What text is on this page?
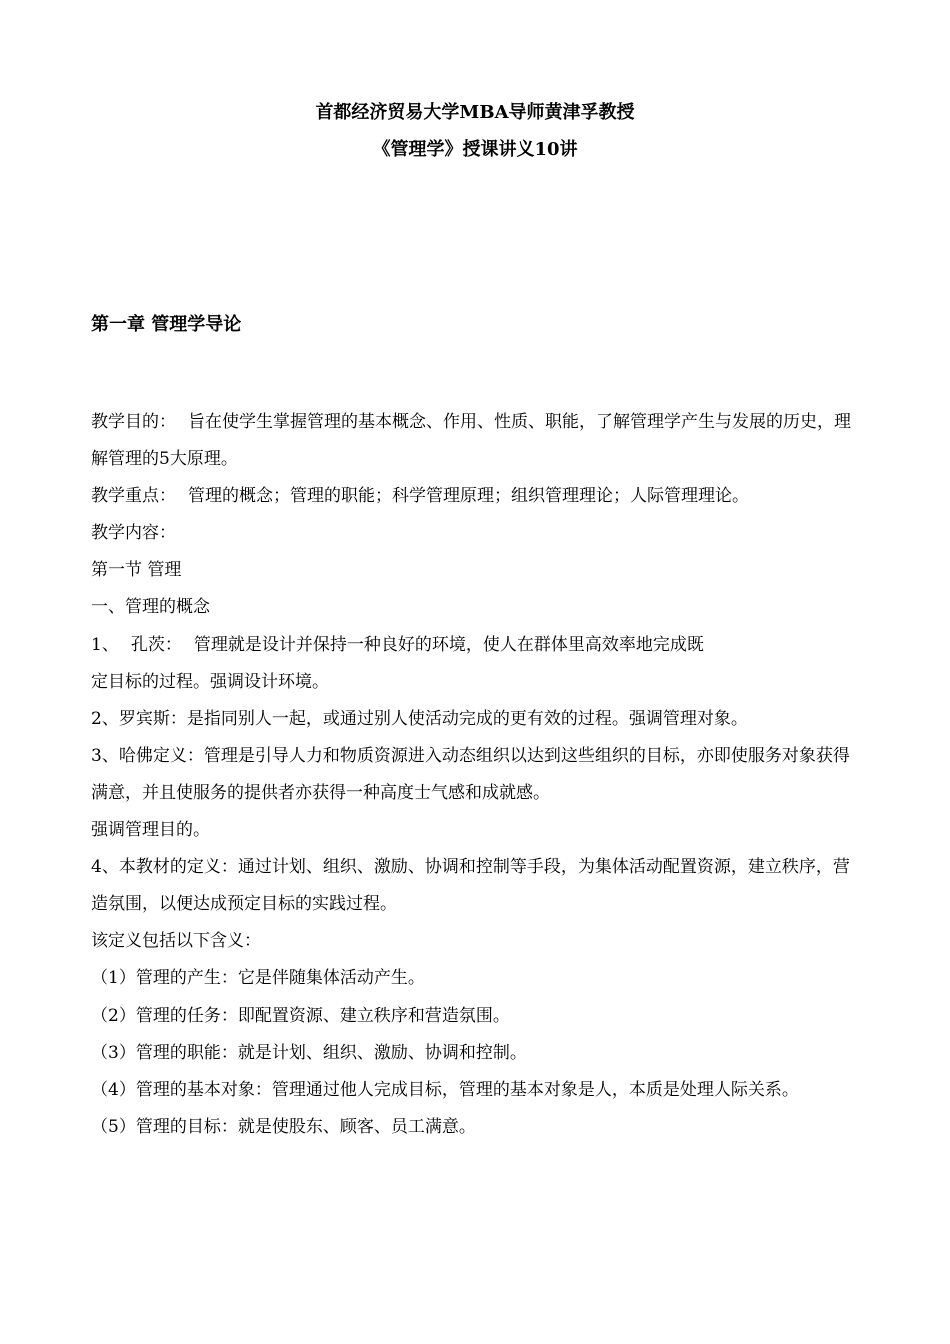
首都经济贸易大学MBA导师黄津孚教授
《管理学》授课讲义10讲
第一章 管理学导论

教学目的： 旨在使学生掌握管理的基本概念、作用、性质、职能，了解管理学产生与发展的历史，理解管理的5大原理。

教学重点： 管理的概念；管理的职能；科学管理原理；组织管理理论；人际管理理论。

教学内容：

第一节 管理

一、管理的概念

1、 孔茨： 管理就是设计并保持一种良好的环境，使人在群体里高效率地完成既

定目标的过程。强调设计环境。

2、罗宾斯：是指同别人一起，或通过别人使活动完成的更有效的过程。强调管理对象。

3、哈佛定义：管理是引导人力和物质资源进入动态组织以达到这些组织的目标，亦即使服务对象获得满意，并且使服务的提供者亦获得一种高度士气感和成就感。

强调管理目的。

4、本教材的定义：通过计划、组织、激励、协调和控制等手段，为集体活动配置资源，建立秩序，营造氛围，以便达成预定目标的实践过程。

该定义包括以下含义：

（1）管理的产生：它是伴随集体活动产生。

（2）管理的任务：即配置资源、建立秩序和营造氛围。

（3）管理的职能：就是计划、组织、激励、协调和控制。

（4）管理的基本对象：管理通过他人完成目标，管理的基本对象是人，本质是处理人际关系。

（5）管理的目标：就是使股东、顾客、员工满意。
